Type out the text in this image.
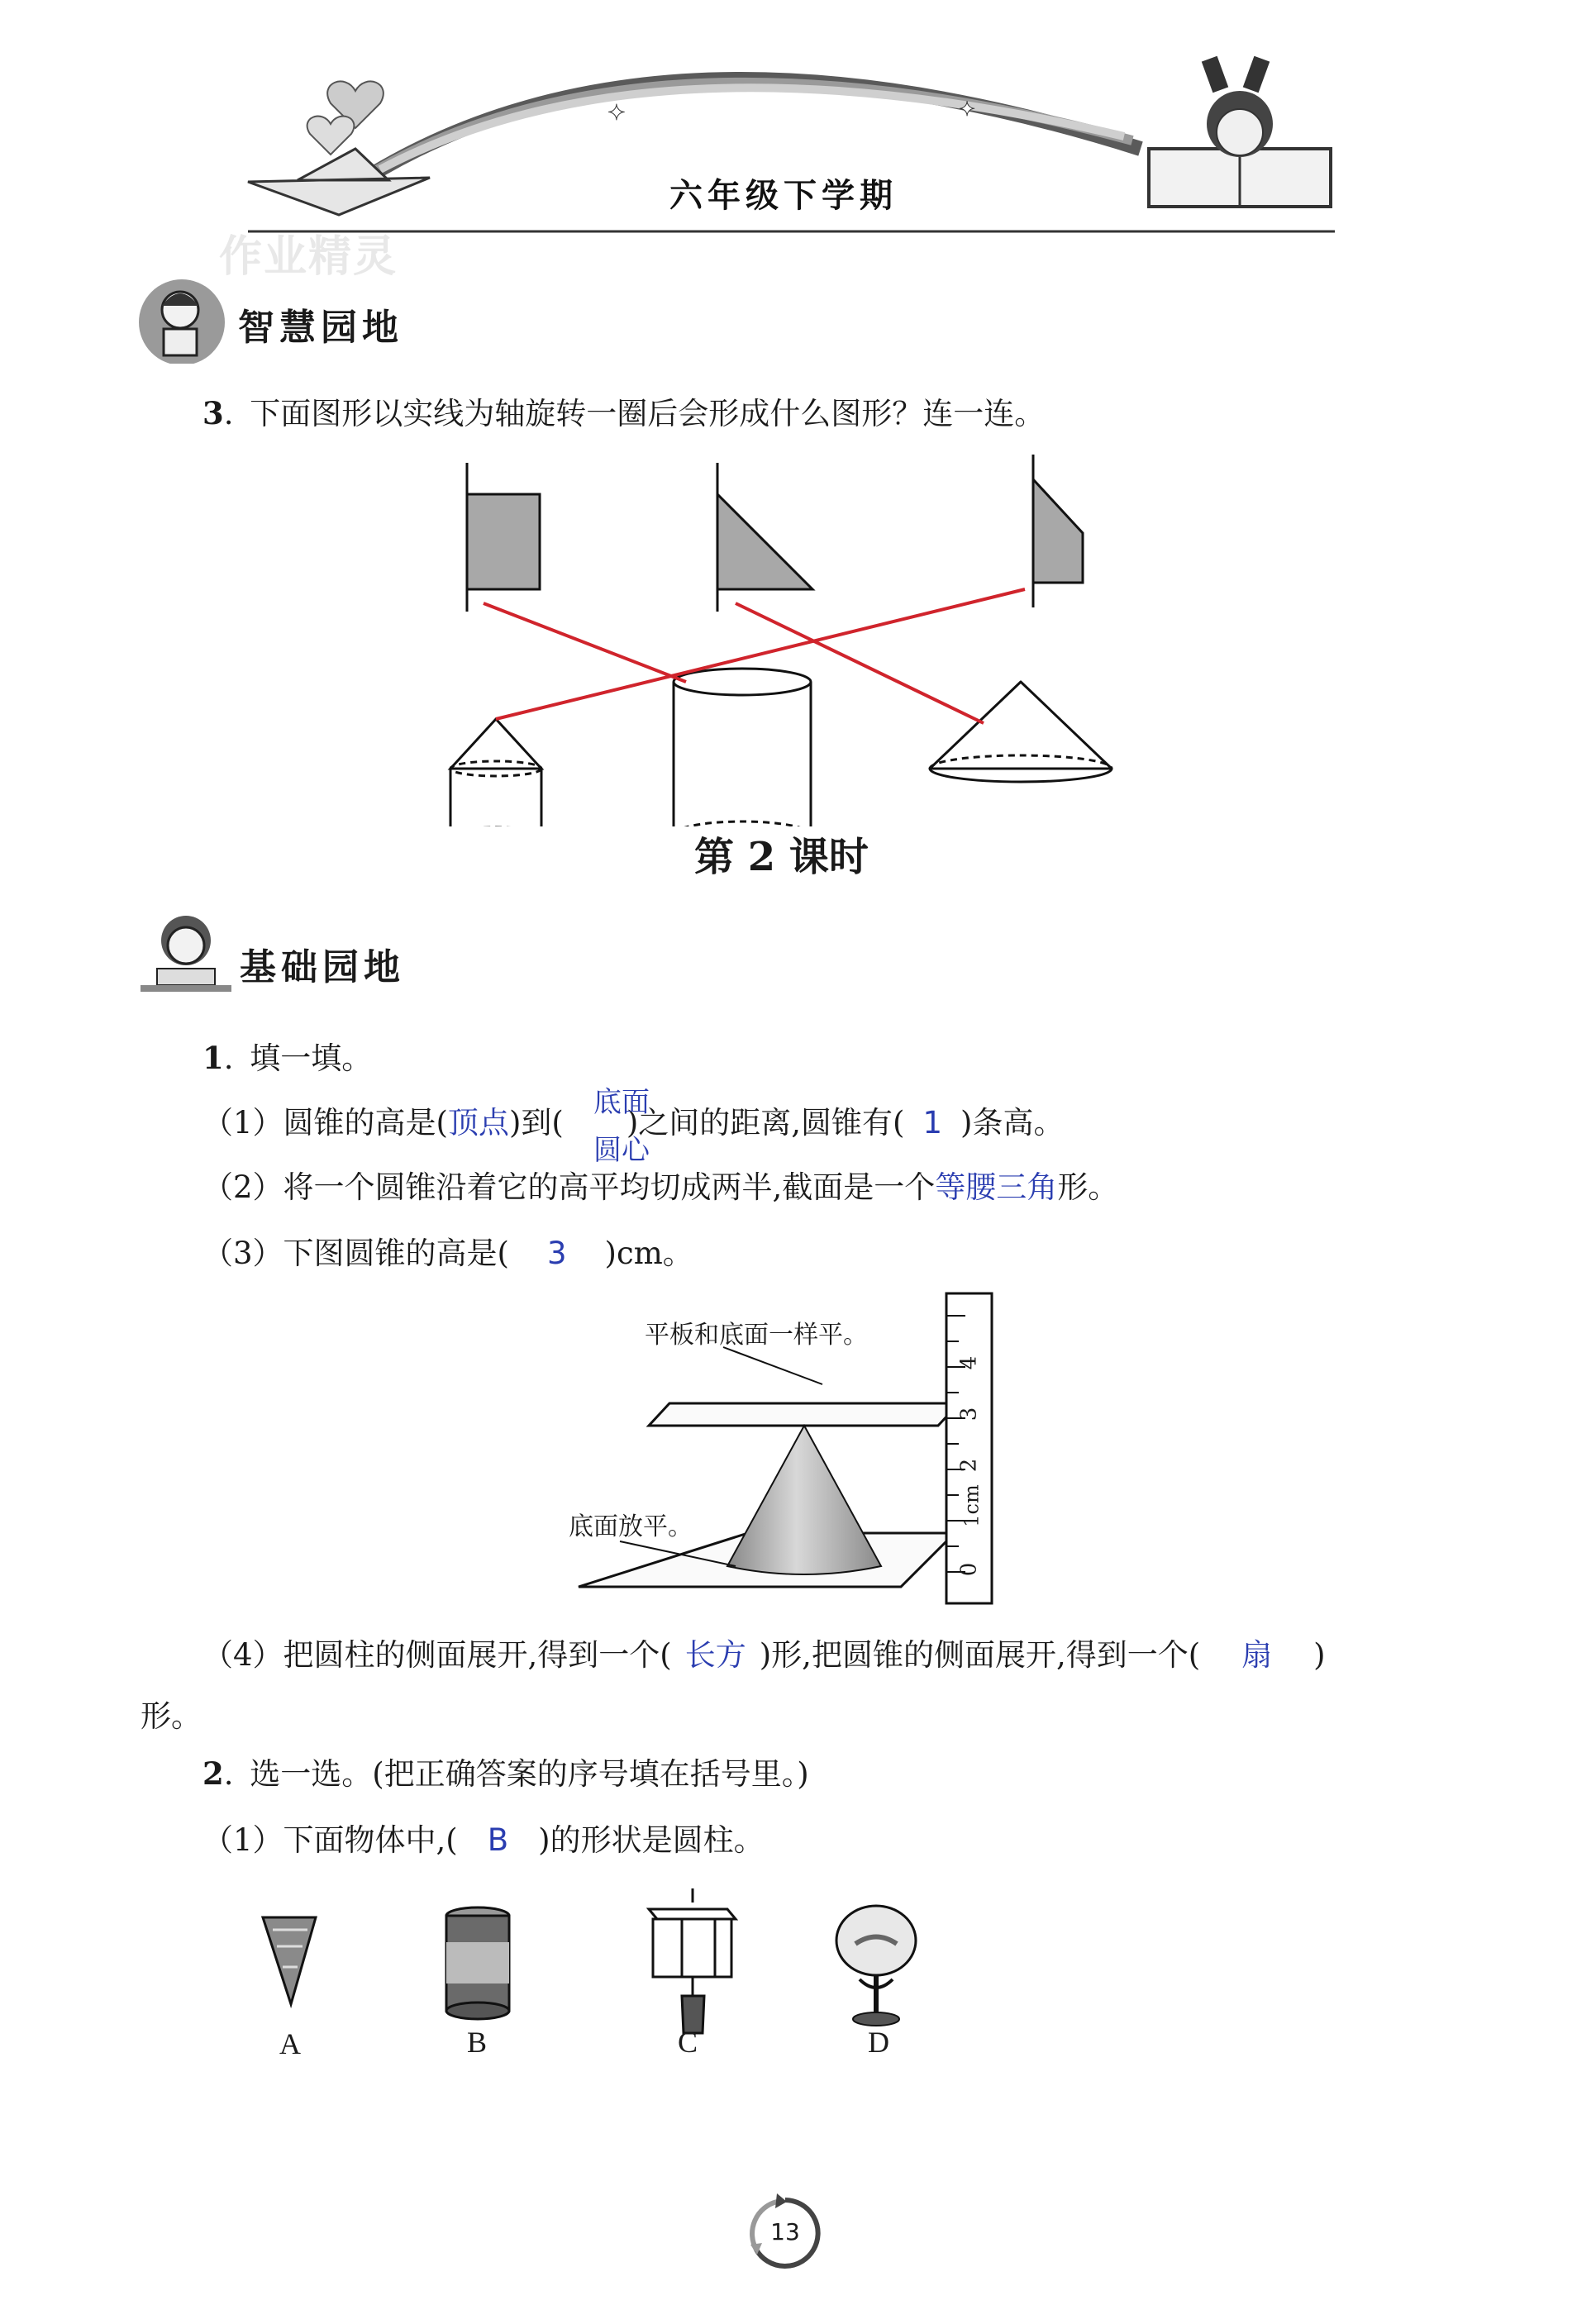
✦	✦
六年级下学期
作业精灵
智慧园地
3. 下面图形以实线为轴旋转一圈后会形成什么图形？连一连。
第 2 课时
基础园地
1. 填一填。
（1）圆锥的高是(顶点)到( )之间的距离,圆锥有( 1 )条高。
底面
圆心
（2）将一个圆锥沿着它的高平均切成两半,截面是一个等腰三角形。
（3）下图圆锥的高是( 3 )cm。
平板和底面一样平。
底面放平。
0
1cm
2
3
4
（4）把圆柱的侧面展开,得到一个( 长方 )形,把圆锥的侧面展开,得到一个( 扇 )
形。
2. 选一选。(把正确答案的序号填在括号里。)
（1）下面物体中,( B )的形状是圆柱。
A	B	C	D
13
